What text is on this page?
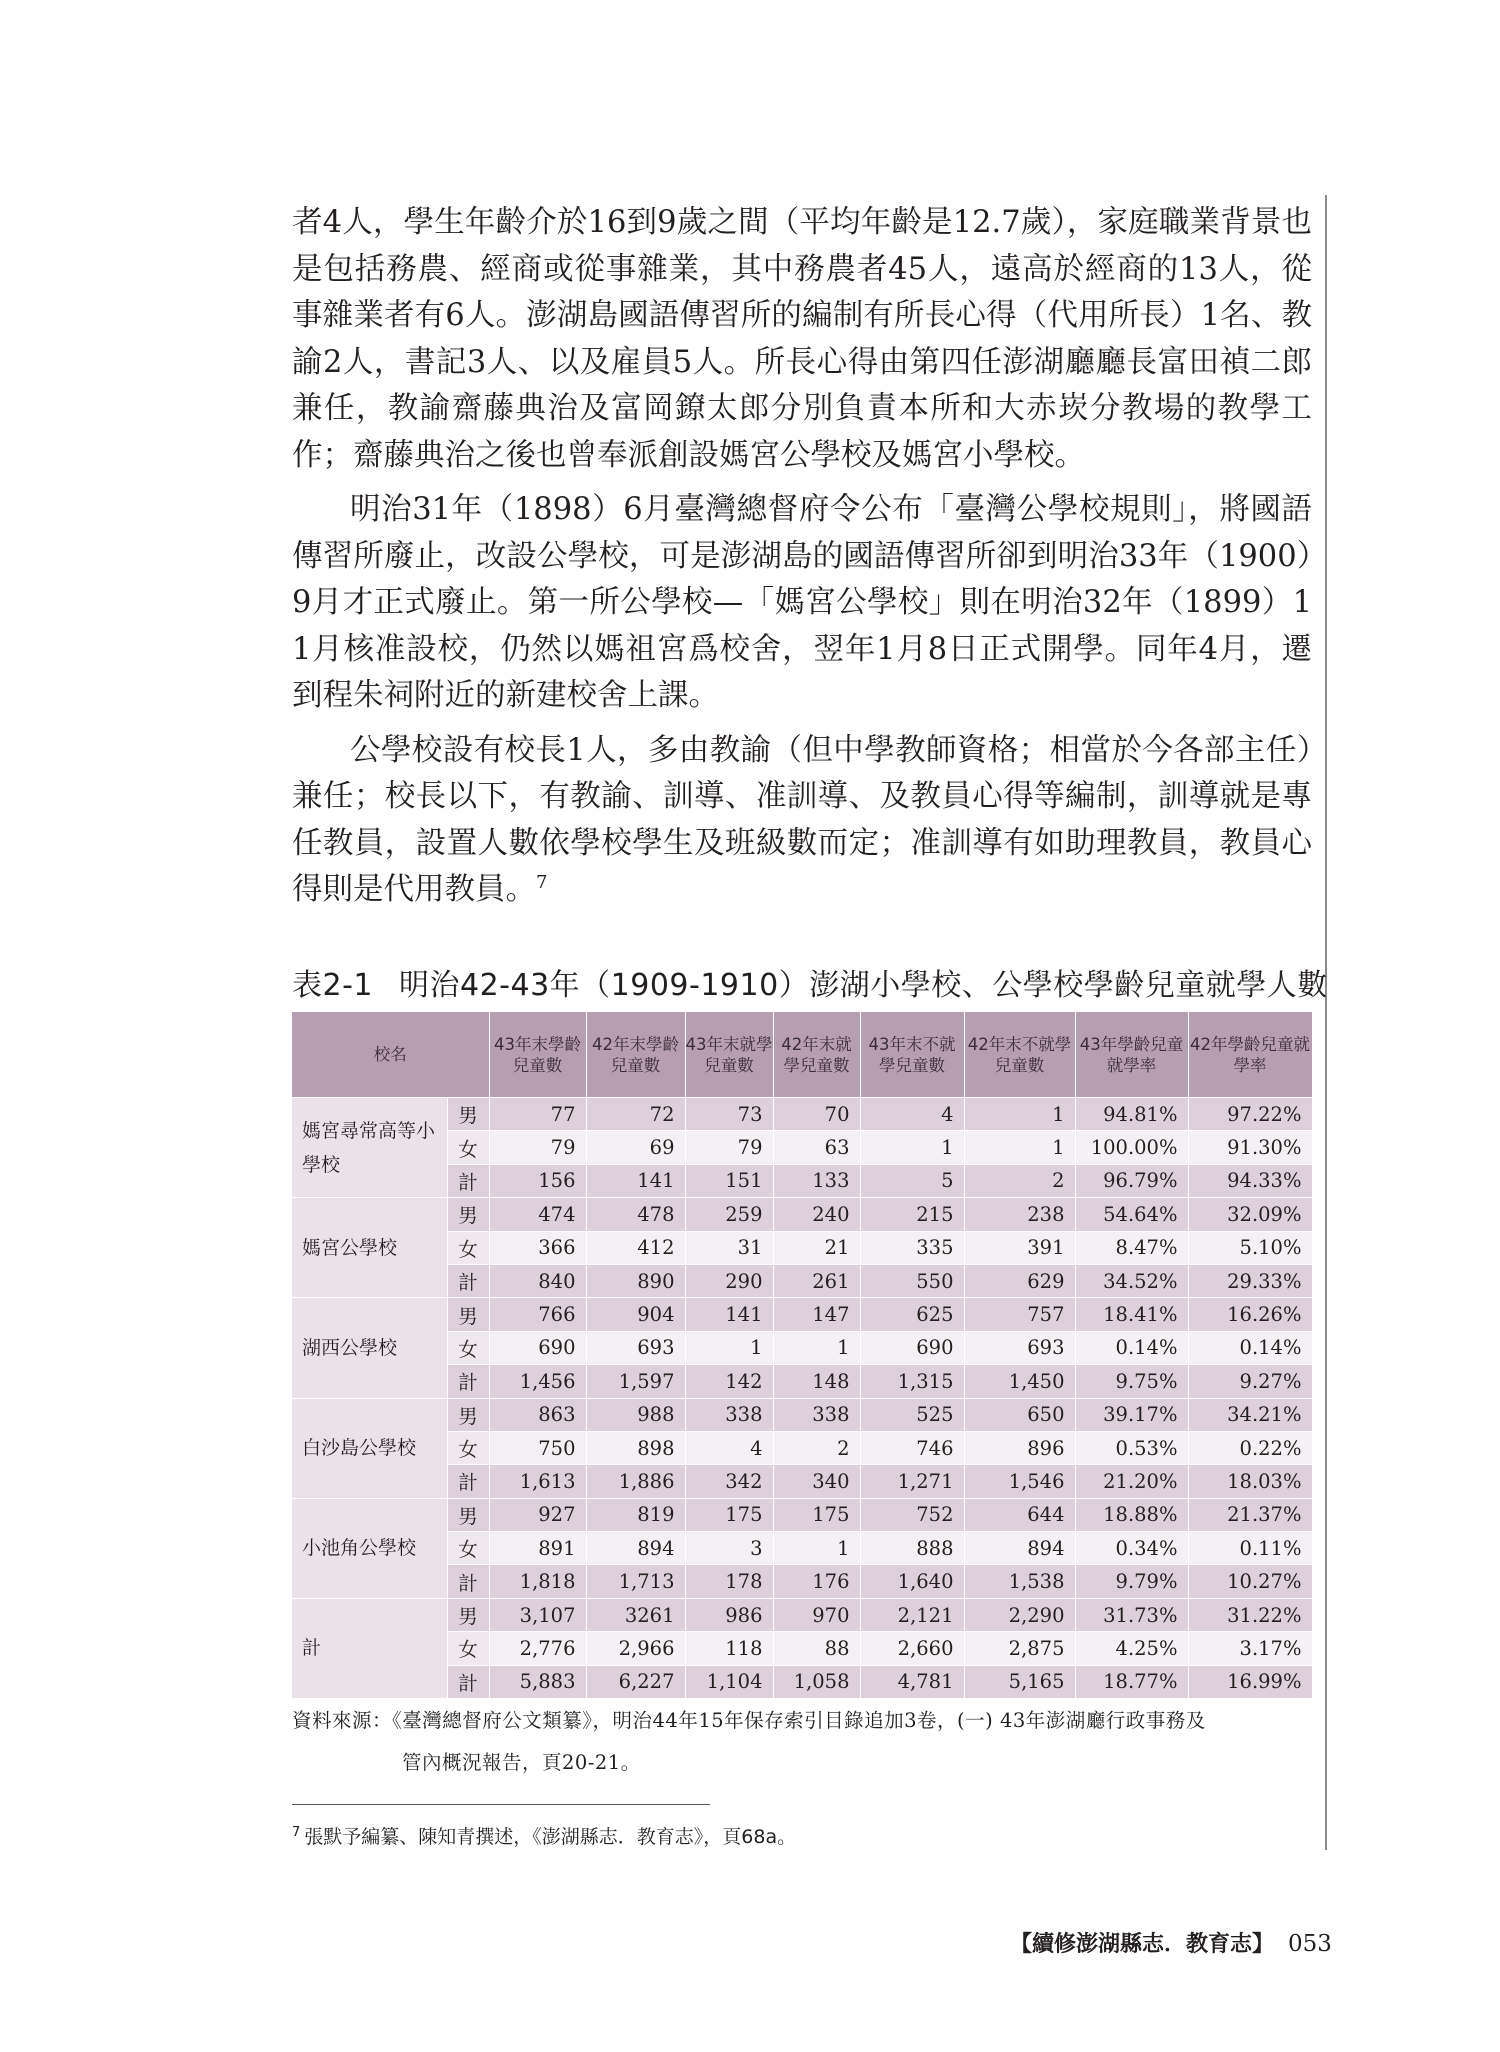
者4人，學生年齡介於16到9歲之間（平均年齡是12.7歲），家庭職業背景也是包括務農、經商或從事雜業，其中務農者45人，遠高於經商的13人，從事雜業者有6人。澎湖島國語傳習所的編制有所長心得（代用所長）1名、教諭2人，書記3人、以及雇員5人。所長心得由第四任澎湖廳廳長富田禎二郎兼任，教諭齋藤典治及富岡鐐太郎分別負責本所和大赤崁分教場的教學工作；齋藤典治之後也曾奉派創設媽宮公學校及媽宮小學校。

明治31年（1898）6月臺灣總督府令公布「臺灣公學校規則」，將國語傳習所廢止，改設公學校，可是澎湖島的國語傳習所卻到明治33年（1900）9月才正式廢止。第一所公學校—「媽宮公學校」則在明治32年（1899）11月核准設校，仍然以媽祖宮爲校舍，翌年1月8日正式開學。同年4月，遷到程朱祠附近的新建校舍上課。

公學校設有校長1人，多由教諭（但中學教師資格；相當於今各部主任）兼任；校長以下，有教諭、訓導、准訓導、及教員心得等編制，訓導就是專任教員，設置人數依學校學生及班級數而定；准訓導有如助理教員，教員心得則是代用教員。$^7$

表2-1 明治42-43年（1909-1910）澎湖小學校、公學校學齡兒童就學人數
校名		43年末學齡兒童數	42年末學齡兒童數	43年末就學兒童數	42年末就學兒童數	43年末不就學兒童數	42年末不就學兒童數	43年學齡兒童就學率	42年學齡兒童就學率
媽宮尋常高等小學校	男	77	72	73	70	4	1	94.81%	97.22%
	女	79	69	79	63	1	1	100.00%	91.30%
	計	156	141	151	133	5	2	96.79%	94.33%
媽宮公學校	男	474	478	259	240	215	238	54.64%	32.09%
	女	366	412	31	21	335	391	8.47%	5.10%
	計	840	890	290	261	550	629	34.52%	29.33%
湖西公學校	男	766	904	141	147	625	757	18.41%	16.26%
	女	690	693	1	1	690	693	0.14%	0.14%
	計	1,456	1,597	142	148	1,315	1,450	9.75%	9.27%
白沙島公學校	男	863	988	338	338	525	650	39.17%	34.21%
	女	750	898	4	2	746	896	0.53%	0.22%
	計	1,613	1,886	342	340	1,271	1,546	21.20%	18.03%
小池角公學校	男	927	819	175	175	752	644	18.88%	21.37%
	女	891	894	3	1	888	894	0.34%	0.11%
	計	1,818	1,713	178	176	1,640	1,538	9.79%	10.27%
計	男	3,107	3261	986	970	2,121	2,290	31.73%	31.22%
	女	2,776	2,966	118	88	2,660	2,875	4.25%	3.17%
	計	5,883	6,227	1,104	1,058	4,781	5,165	18.77%	16.99%
資料來源：《臺灣總督府公文類纂》，明治44年15年保存索引目錄追加3卷，(一) 43年澎湖廳行政事務及
管內概況報告，頁20-21。
$^7$ 張默予編纂、陳知青撰述，《澎湖縣志．教育志》，頁68a。
【續修澎湖縣志．教育志】 053
